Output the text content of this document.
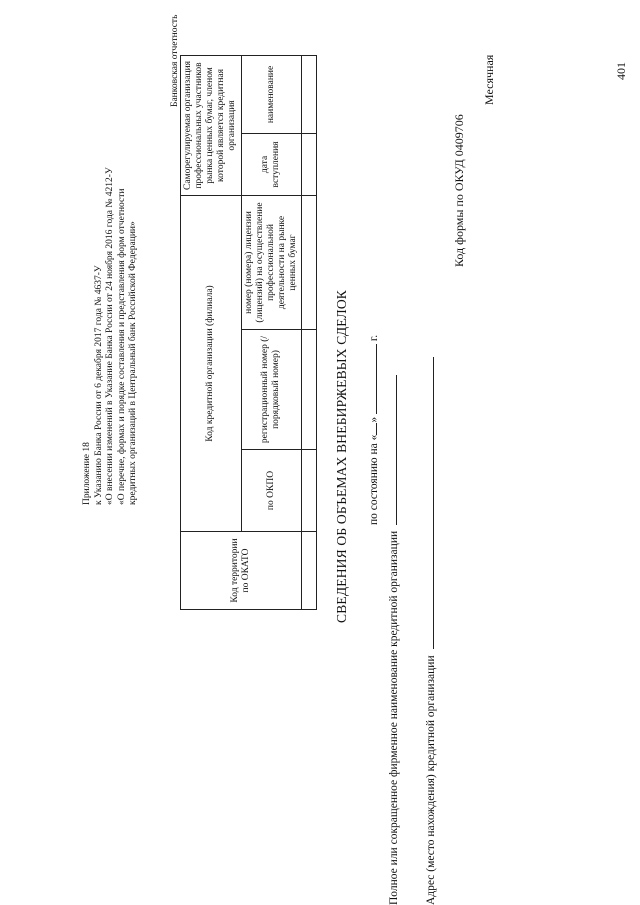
401
Приложение 18 к Указанию Банка России от 6 декабря 2017 года № 4637-У «О внесении изменений в Указание Банка России от 24 ноября 2016 года № 4212-У «О перечне, формах и порядке составления и представления форм отчетности кредитных организаций в Центральный банк Российской Федерации»
Банковская отчетность
Код территории по ОКАТО	Код кредитной организации (филиала)			Саморегулируемая организация профессиональных участников рынка ценных бумаг, членом которой является кредитная организация	
	по ОКПО	регистрационный номер (/порядковый номер)	номер (номера) лицензии (лицензий) на осуществление профессиональной деятельности на рынке ценных бумаг	дата вступления	наименование

СВЕДЕНИЯ ОБ ОБЪЕМАХ ВНЕБИРЖЕВЫХ СДЕЛОК по состоянию на «»  г.
Полное или сокращенное фирменное наименование кредитной организации Адрес (место нахождения) кредитной организации
Код формы по ОКУД 0409706
Месячная
